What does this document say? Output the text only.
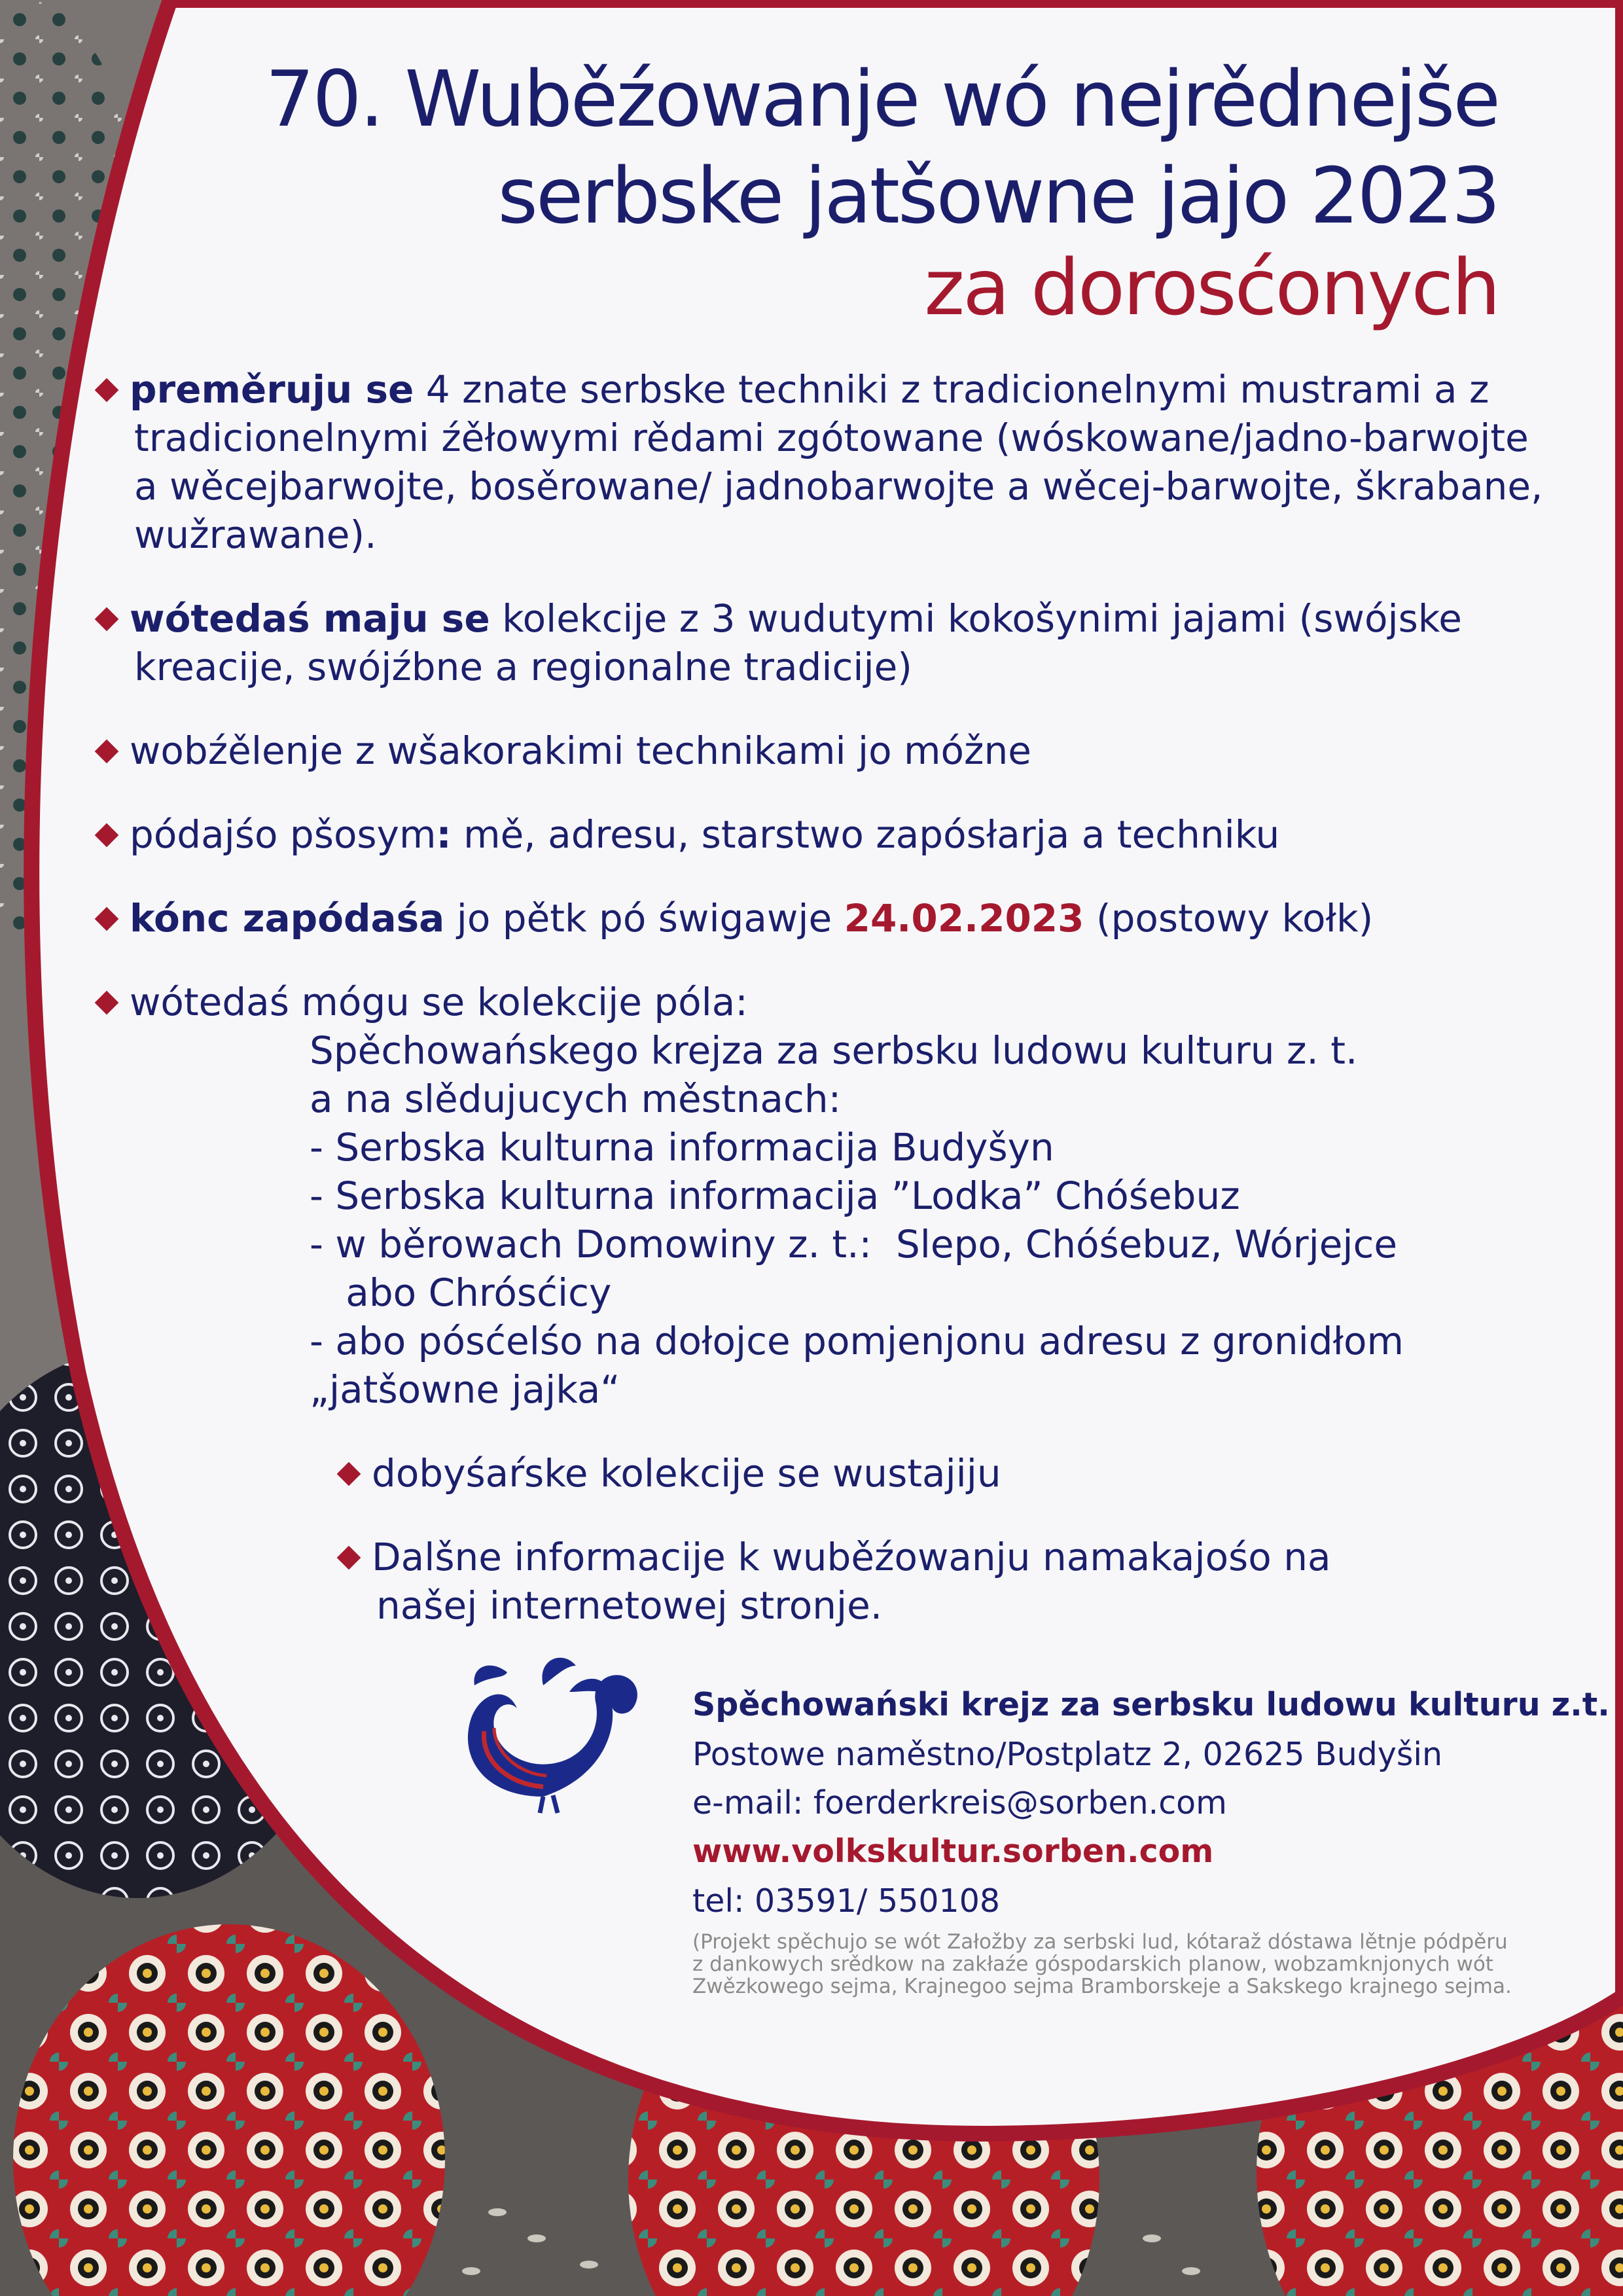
70. Wuběźowanje wó nejrědnejše
serbske jatšowne jajo 2023
za dorosćonych

preměruju se 4 znate serbske techniki z tradicionelnymi mustrami a z tradicionelnymi źěłowymi rědami zgótowane (wóskowane/jadno-barwojte a wěcejbarwojte, bosěrowane/ jadnobarwojte a wěcej-barwojte, škrabane, wužrawane).

wótedaś maju se kolekcije z 3 wudutymi kokošynimi jajami (swójske kreacije, swójźbne a regionalne tradicije)

wobźělenje z wšakorakimi technikami jo móžne

pódajśo pšosym: mě, adresu, starstwo zapósłarja a techniku

kónc zapódaśa jo pětk pó świgawje 24.02.2023 (postowy kołk)

wótedaś mógu se kolekcije póla:

Spěchowańskego krejza za serbsku ludowu kulturu z. t.

a na slědujucych městnach:

- Serbska kulturna informacija Budyšyn

- Serbska kulturna informacija ”Lodka” Chóśebuz

- w běrowach Domowiny z. t.:  Slepo, Chóśebuz, Wórjejce

abo Chrósćicy

- abo pósćelśo na dołojce pomjenjonu adresu z gronidłom

„jatšowne jajka“

dobyśaŕske kolekcije se wustajiju

Dalšne informacije k wuběźowanju namakajośo na našej internetowej stronje.

Spěchowański krejz za serbsku ludowu kulturu z.t.

Postowe naměstno/Postplatz 2, 02625 Budyšin

e-mail: foerderkreis@sorben.com

www.volkskultur.sorben.com

tel: 03591/ 550108

(Projekt spěchujo se wót Załožby za serbski lud, kótaraž dóstawa lětnje pódpěru
z dankowych srědkow na zakłaźe góspodarskich planow, wobzamknjonych wót
Zwězkowego sejma, Krajnegoo sejma Bramborskeje a Sakskego krajnego sejma.
